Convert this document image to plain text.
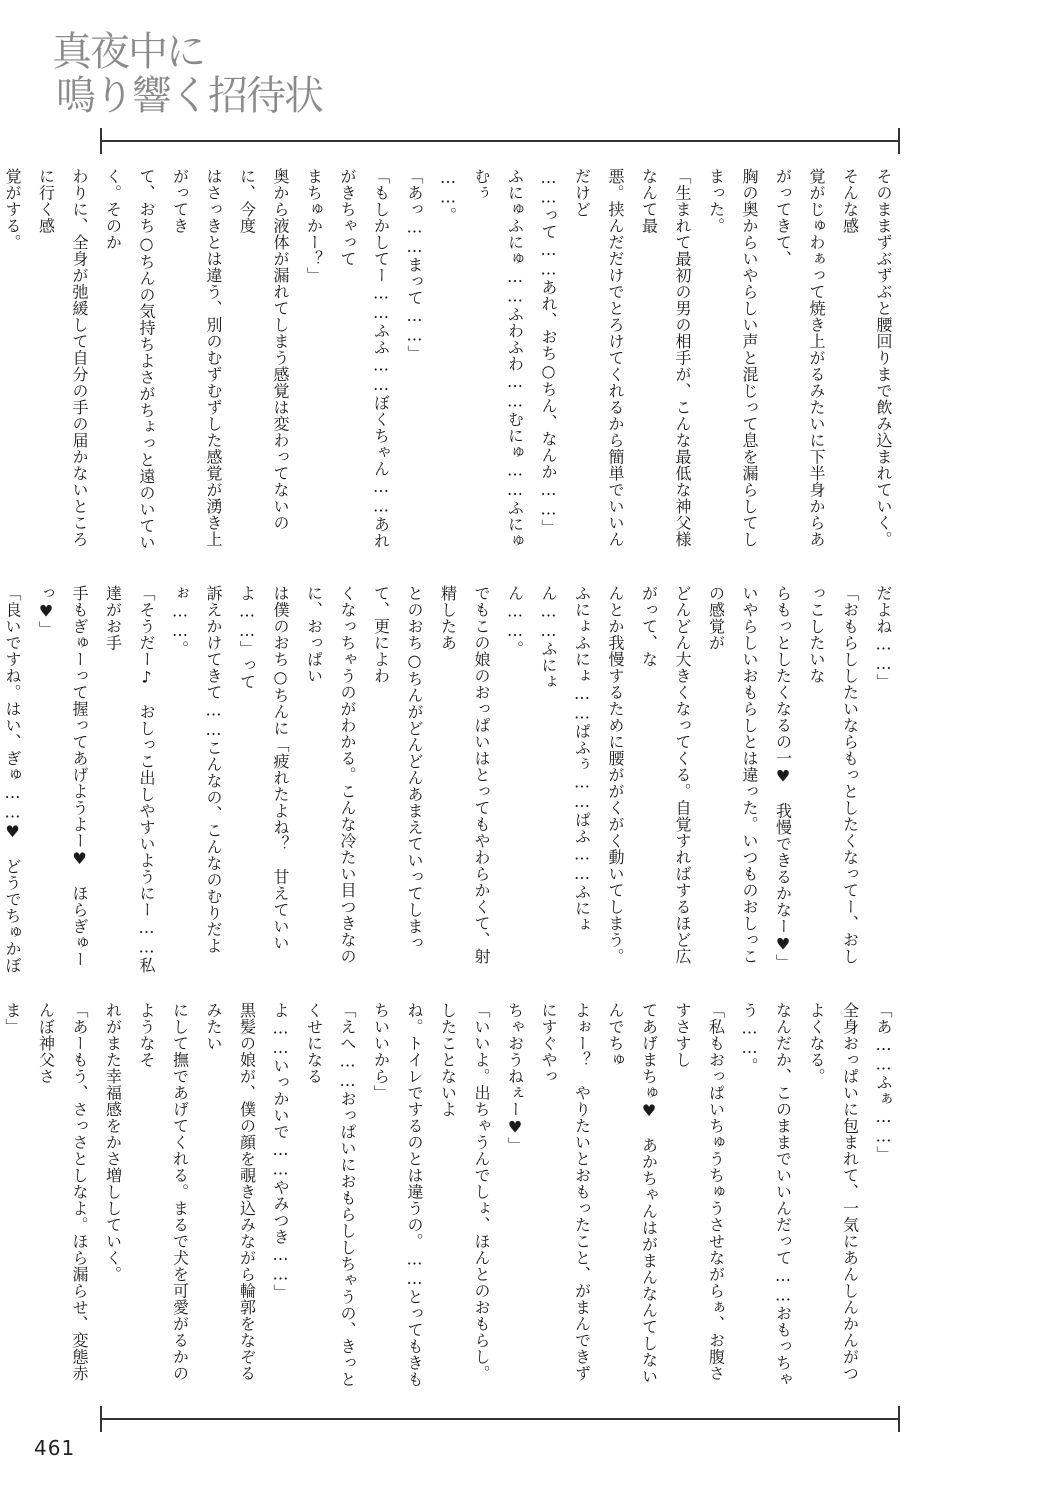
真夜中に
鳴り響く招待状

そのままずぶずぶと腰回りまで飲み込まれていく。そんな感

覚がじゅわぁって焼き上がるみたいに下半身からあがってきて、

胸の奥からいやらしい声と混じって息を漏らしてしまった。

「生まれて最初の男の相手が、こんな最低な神父様なんて最

悪。挟んだだけでとろけてくれるから簡単でいいんだけど

……って……あれ、おち○ちん、なんか……」

ふにゅふにゅ……ふわふわ……むにゅ……ふにゅむぅ

……。

「あっ……まって……」

「もしかしてー……ふふ……ぼくちゃん……あれがきちゃって

まちゅかー？」

奥から液体が漏れてしまう感覚は変わってないのに、今度

はさっきとは違う、別のむずむずした感覚が湧き上がってき

て、おち○ちんの気持ちよさがちょっと遠のいていく。そのか

わりに、全身が弛緩して自分の手の届かないところに行く感

覚がする。

だよね……」

「おもらししたいならもっとしたくなってー、おしっこしたいな

らもっとしたくなるの一♥　我慢できるかなー♥」

いやらしいおもらしとは違った。いつものおしっこの感覚が

どんどん大きくなってくる。自覚すればするほど広がって、な

んとか我慢するために腰ががくがく動いてしまう。

ふにょふにょ……ぱふぅ……ぱふ……ふにょん……ふにょ

ん……。

でもこの娘のおっぱいはとってもやわらかくて、射精したあ

とのおち○ちんがどんどんあまえていってしまって、更によわ

くなっちゃうのがわかる。こんな冷たい目つきなのに、おっぱい

は僕のおち○ちんに「疲れたよね？　甘えていいよ……」って

訴えかけてきて……こんなの、こんなのむりだよぉ……。

「そうだー♪　おしっこ出しやすいようにー……私達がお手

手もぎゅーって握ってあげようよー♥　ほらぎゅーっ♥」

「良いですね。はい、ぎゅ……♥　どうでちゅかぼ

「あ……ふぁ……」

全身おっぱいに包まれて、一気にあんしんかんがつよくなる。

なんだか、このままでいいんだって……おもっちゃう……。

「私もおっぱいちゅうちゅうさせながらぁ、お腹さすさすし

てあげまちゅ♥　あかちゃんはがまんなんてしないんでちゅ

よぉー？　やりたいとおもったこと、がまんできずにすぐやっ

ちゃおうねぇー♥」

「いいよ。出ちゃうんでしょ、ほんとのおもらし。したことないよ

ね。トイレでするのとは違うの。……とってもきもちいいから」

「えへ……おっぱいにおもらししちゃうの、きっとくせになる

よ……いっかいで……やみつき……」

黒髪の娘が、僕の顔を覗き込みながら輪郭をなぞるみたい

にして撫であげてくれる。まるで犬を可愛がるかのようなそ

れがまた幸福感をかさ増ししていく。

「あーもう、さっさとしなよ。ほら漏らせ、変態赤んぼ神父さ

ま」

461
